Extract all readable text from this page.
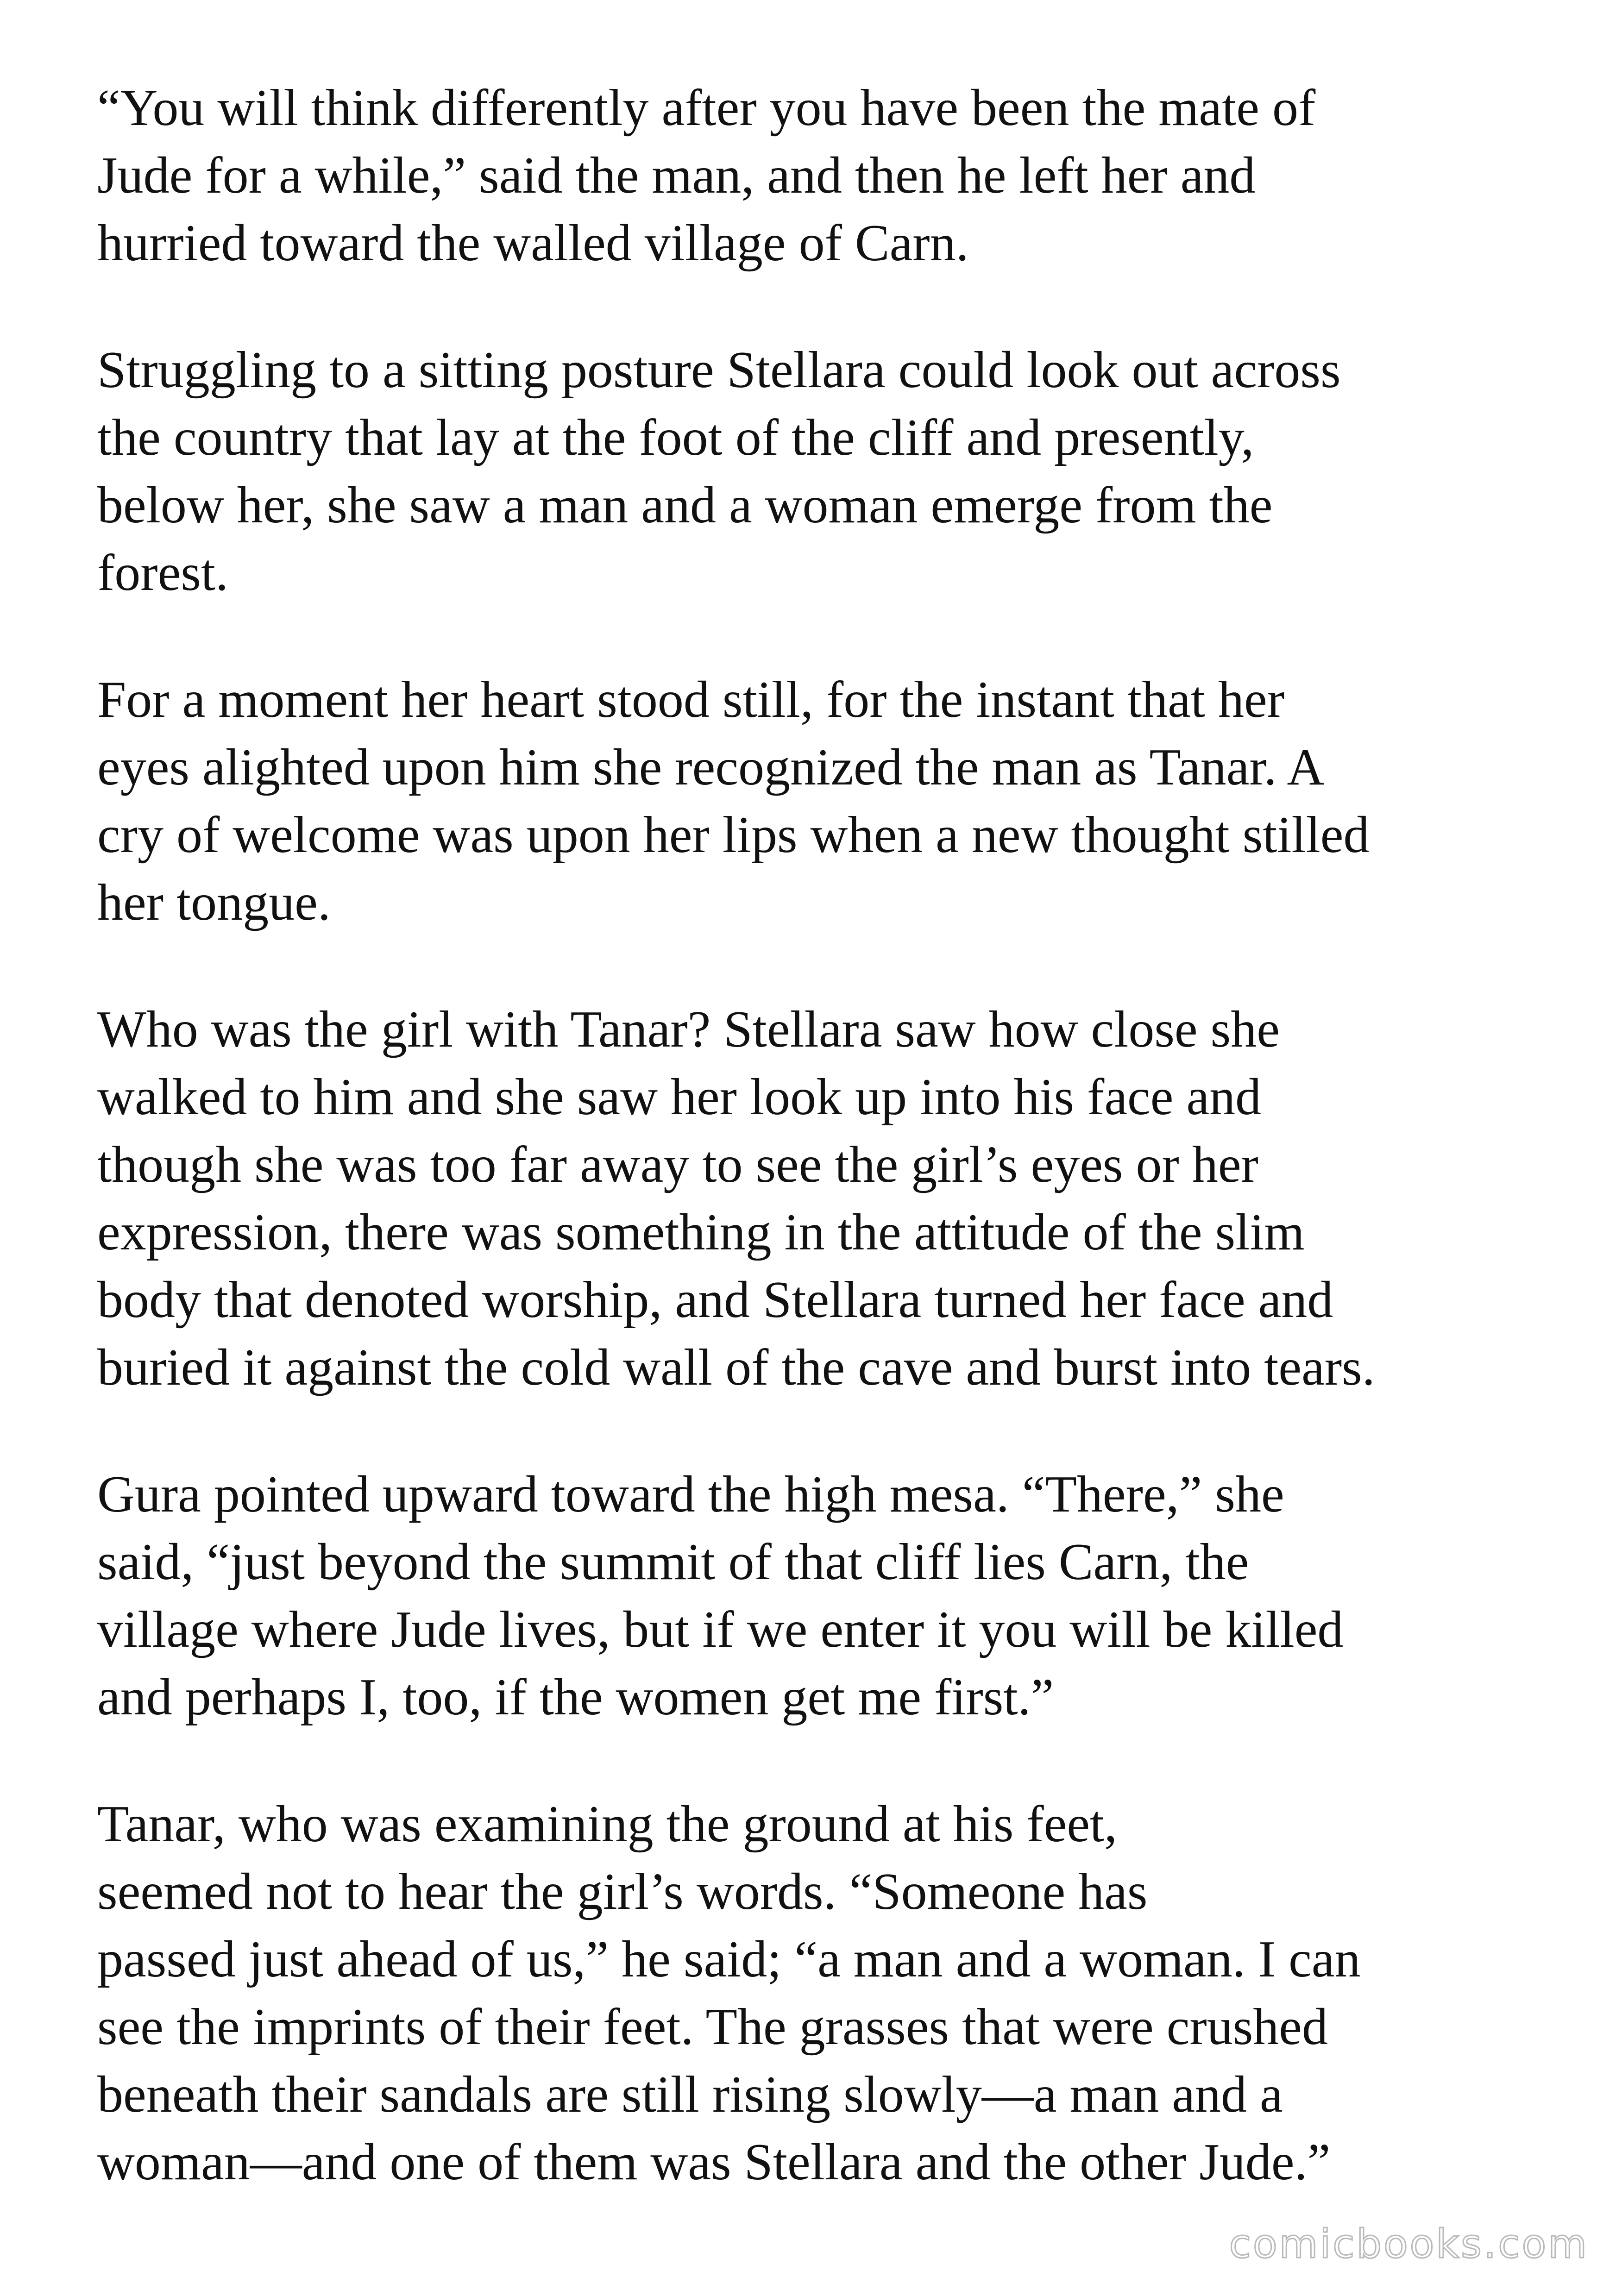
“You will think differently after you have been the mate of
Jude for a while,” said the man, and then he left her and
hurried toward the walled village of Carn.

Struggling to a sitting posture Stellara could look out across
the country that lay at the foot of the cliff and presently,
below her, she saw a man and a woman emerge from the
forest.

For a moment her heart stood still, for the instant that her
eyes alighted upon him she recognized the man as Tanar. A
cry of welcome was upon her lips when a new thought stilled
her tongue.

Who was the girl with Tanar? Stellara saw how close she
walked to him and she saw her look up into his face and
though she was too far away to see the girl’s eyes or her
expression, there was something in the attitude of the slim
body that denoted worship, and Stellara turned her face and
buried it against the cold wall of the cave and burst into tears.

Gura pointed upward toward the high mesa. “There,” she
said, “just beyond the summit of that cliff lies Carn, the
village where Jude lives, but if we enter it you will be killed
and perhaps I, too, if the women get me first.”

Tanar, who was examining the ground at his feet,
seemed not to hear the girl’s words. “Someone has
passed just ahead of us,” he said; “a man and a woman. I can
see the imprints of their feet. The grasses that were crushed
beneath their sandals are still rising slowly—a man and a
woman—and one of them was Stellara and the other Jude.”

comicbooks.com
